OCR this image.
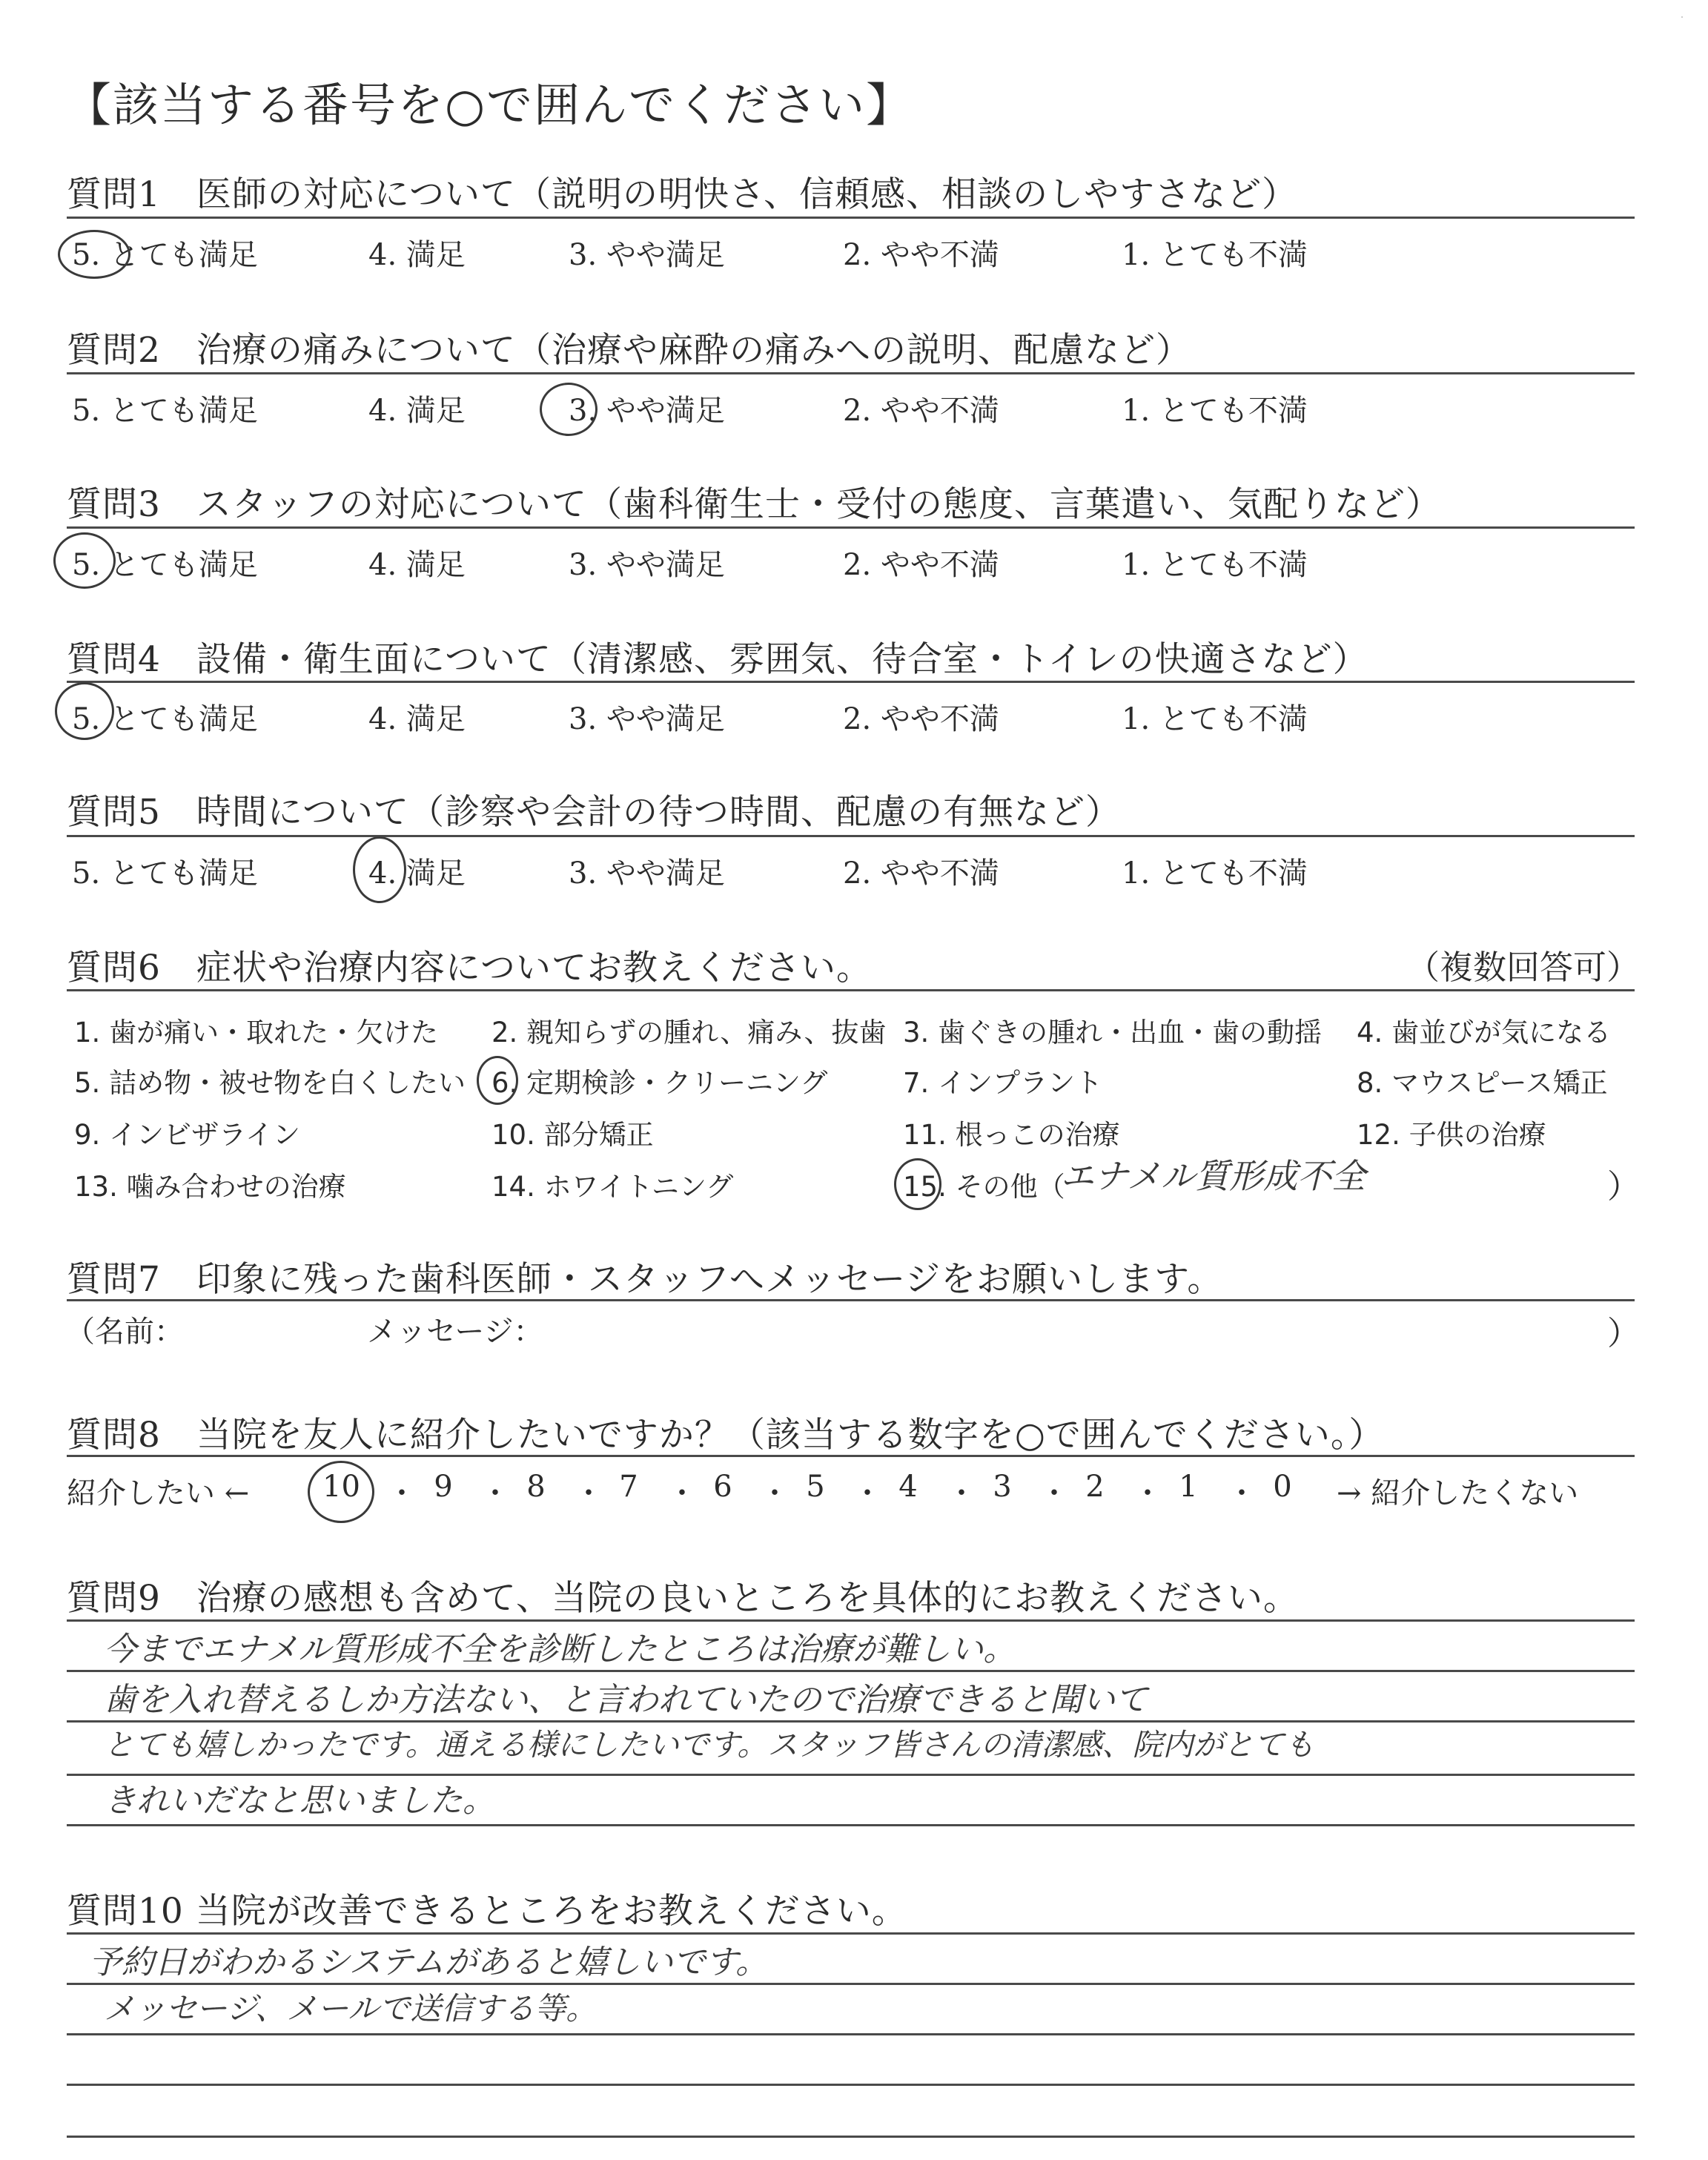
【該当する番号を○で囲んでください】
質問1　医師の対応について（説明の明快さ、信頼感、相談のしやすさなど）
5. とても満足	4. 満足	3. やや満足	2. やや不満	1. とても不満
質問2　治療の痛みについて（治療や麻酔の痛みへの説明、配慮など）
5. とても満足	4. 満足	3. やや満足	2. やや不満	1. とても不満
質問3　スタッフの対応について（歯科衛生士・受付の態度、言葉遣い、気配りなど）
5. とても満足	4. 満足	3. やや満足	2. やや不満	1. とても不満
質問4　設備・衛生面について（清潔感、雰囲気、待合室・トイレの快適さなど）
5. とても満足	4. 満足	3. やや満足	2. やや不満	1. とても不満
質問5　時間について（診察や会計の待つ時間、配慮の有無など）
5. とても満足	4. 満足	3. やや満足	2. やや不満	1. とても不満
質問6　症状や治療内容についてお教えください。	（複数回答可）
1. 歯が痛い・取れた・欠けた 2. 親知らずの腫れ、痛み、抜歯 3. 歯ぐきの腫れ・出血・歯の動揺 4. 歯並びが気になる
5. 詰め物・被せ物を白くしたい 6. 定期検診・クリーニング	7. インプラント	8. マウスピース矯正
9. インビザライン	10. 部分矯正	11. 根っこの治療	12. 子供の治療
13. 噛み合わせの治療	14. ホワイトニング	15. その他（
エナメル質形成不全	）
質問7　印象に残った歯科医師・スタッフへメッセージをお願いします。
（名前：	メッセージ：	）
質問8　当院を友人に紹介したいですか？（該当する数字を○で囲んでください。）
紹介したい ← 10 ・ 9 ・ 8 ・ 7 ・ 6 ・ 5 ・ 4 ・ 3 ・ 2 ・ 1 ・ 0	→ 紹介したくない
質問9　治療の感想も含めて、当院の良いところを具体的にお教えください。
今までエナメル質形成不全を診断したところは治療が難しい。
歯を入れ替えるしか方法ない、と言われていたので治療できると聞いて
とても嬉しかったです。通える様にしたいです。スタッフ皆さんの清潔感、院内がとても
きれいだなと思いました。
質問10 当院が改善できるところをお教えください。
予約日がわかるシステムがあると嬉しいです。
メッセージ、メールで送信する等。
